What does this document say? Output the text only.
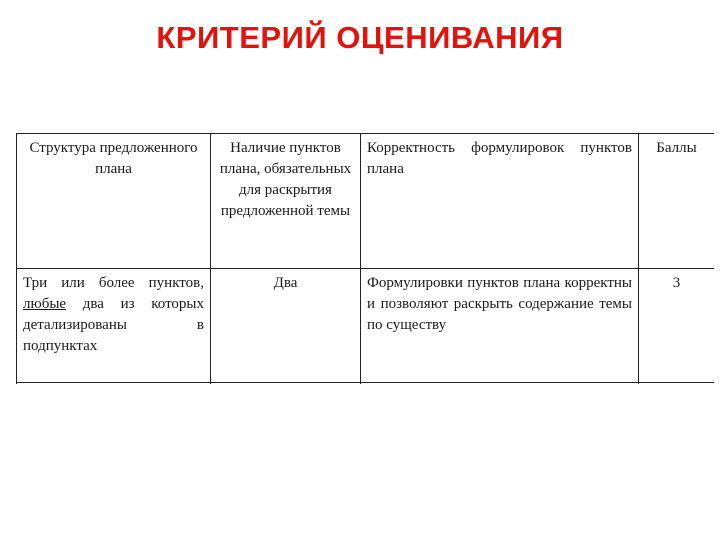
КРИТЕРИЙ ОЦЕНИВАНИЯ
Структура предложенного плана	Наличие пунктов плана, обязательных для раскрытия предложенной темы	Корректность формулировок пунктов плана	Баллы
Три или более пунктов, любые два из которых детализированы в подпунктах	Два	Формулировки пунктов плана корректны и позволяют раскрыть содержание темы по существу	3
